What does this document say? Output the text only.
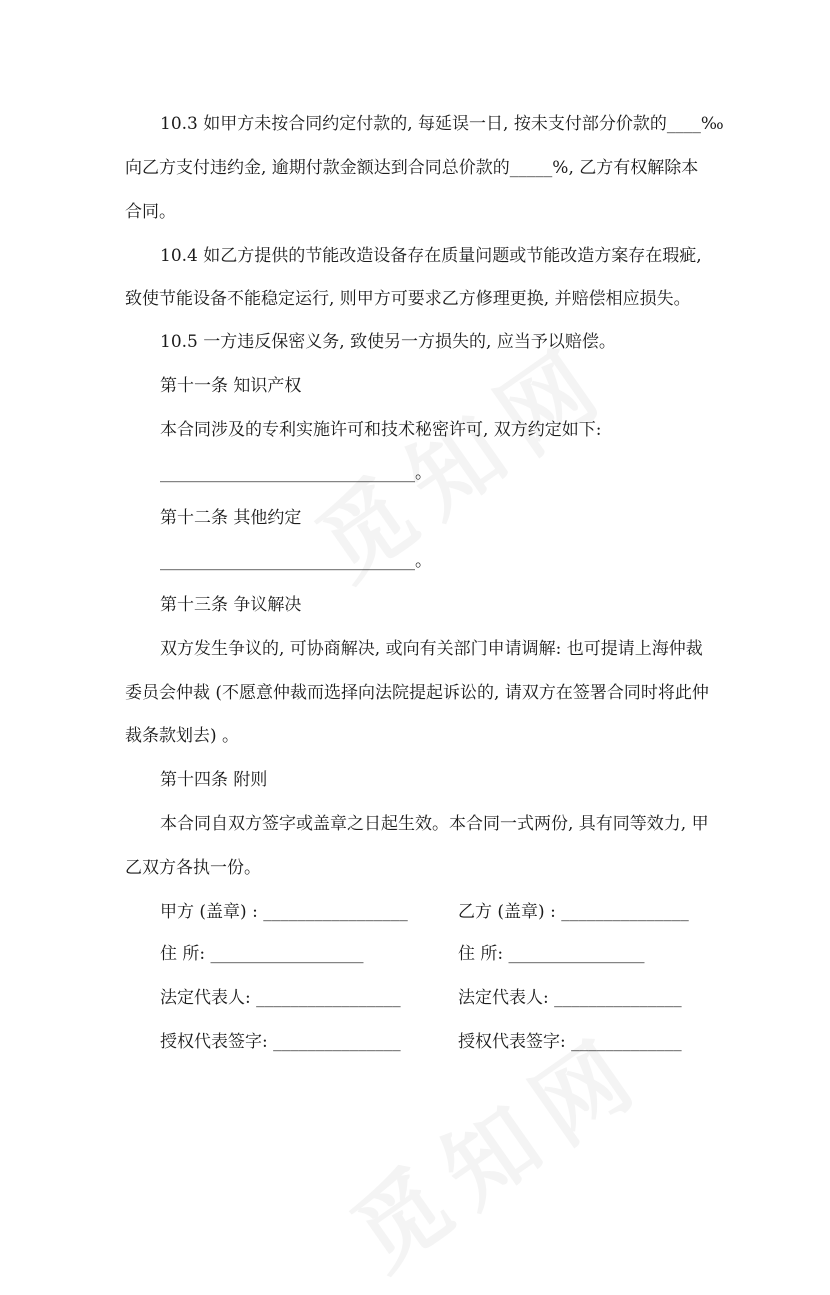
10.3 如甲方未按合同约定付款的, 每延误一日, 按未支付部分价款的____‰
向乙方支付违约金, 逾期付款金额达到合同总价款的_____%, 乙方有权解除本
合同。
10.4 如乙方提供的节能改造设备存在质量问题或节能改造方案存在瑕疵,
致使节能设备不能稳定运行, 则甲方可要求乙方修理更换, 并赔偿相应损失。
10.5 一方违反保密义务, 致使另一方损失的, 应当予以赔偿。
第十一条 知识产权
本合同涉及的专利实施许可和技术秘密许可, 双方约定如下:
______________________________。
第十二条 其他约定
______________________________。
第十三条 争议解决
双方发生争议的, 可协商解决, 或向有关部门申请调解: 也可提请上海仲裁
委员会仲裁 (不愿意仲裁而选择向法院提起诉讼的, 请双方在签署合同时将此仲
裁条款划去) 。
第十四条 附则
本合同自双方签字或盖章之日起生效。本合同一式两份, 具有同等效力, 甲
乙双方各执一份。
甲方 (盖章) : _________________	乙方 (盖章) : _______________
住 所: __________________	住 所: ________________
法定代表人: _________________	法定代表人: _______________
授权代表签字: _______________	授权代表签字: _____________
